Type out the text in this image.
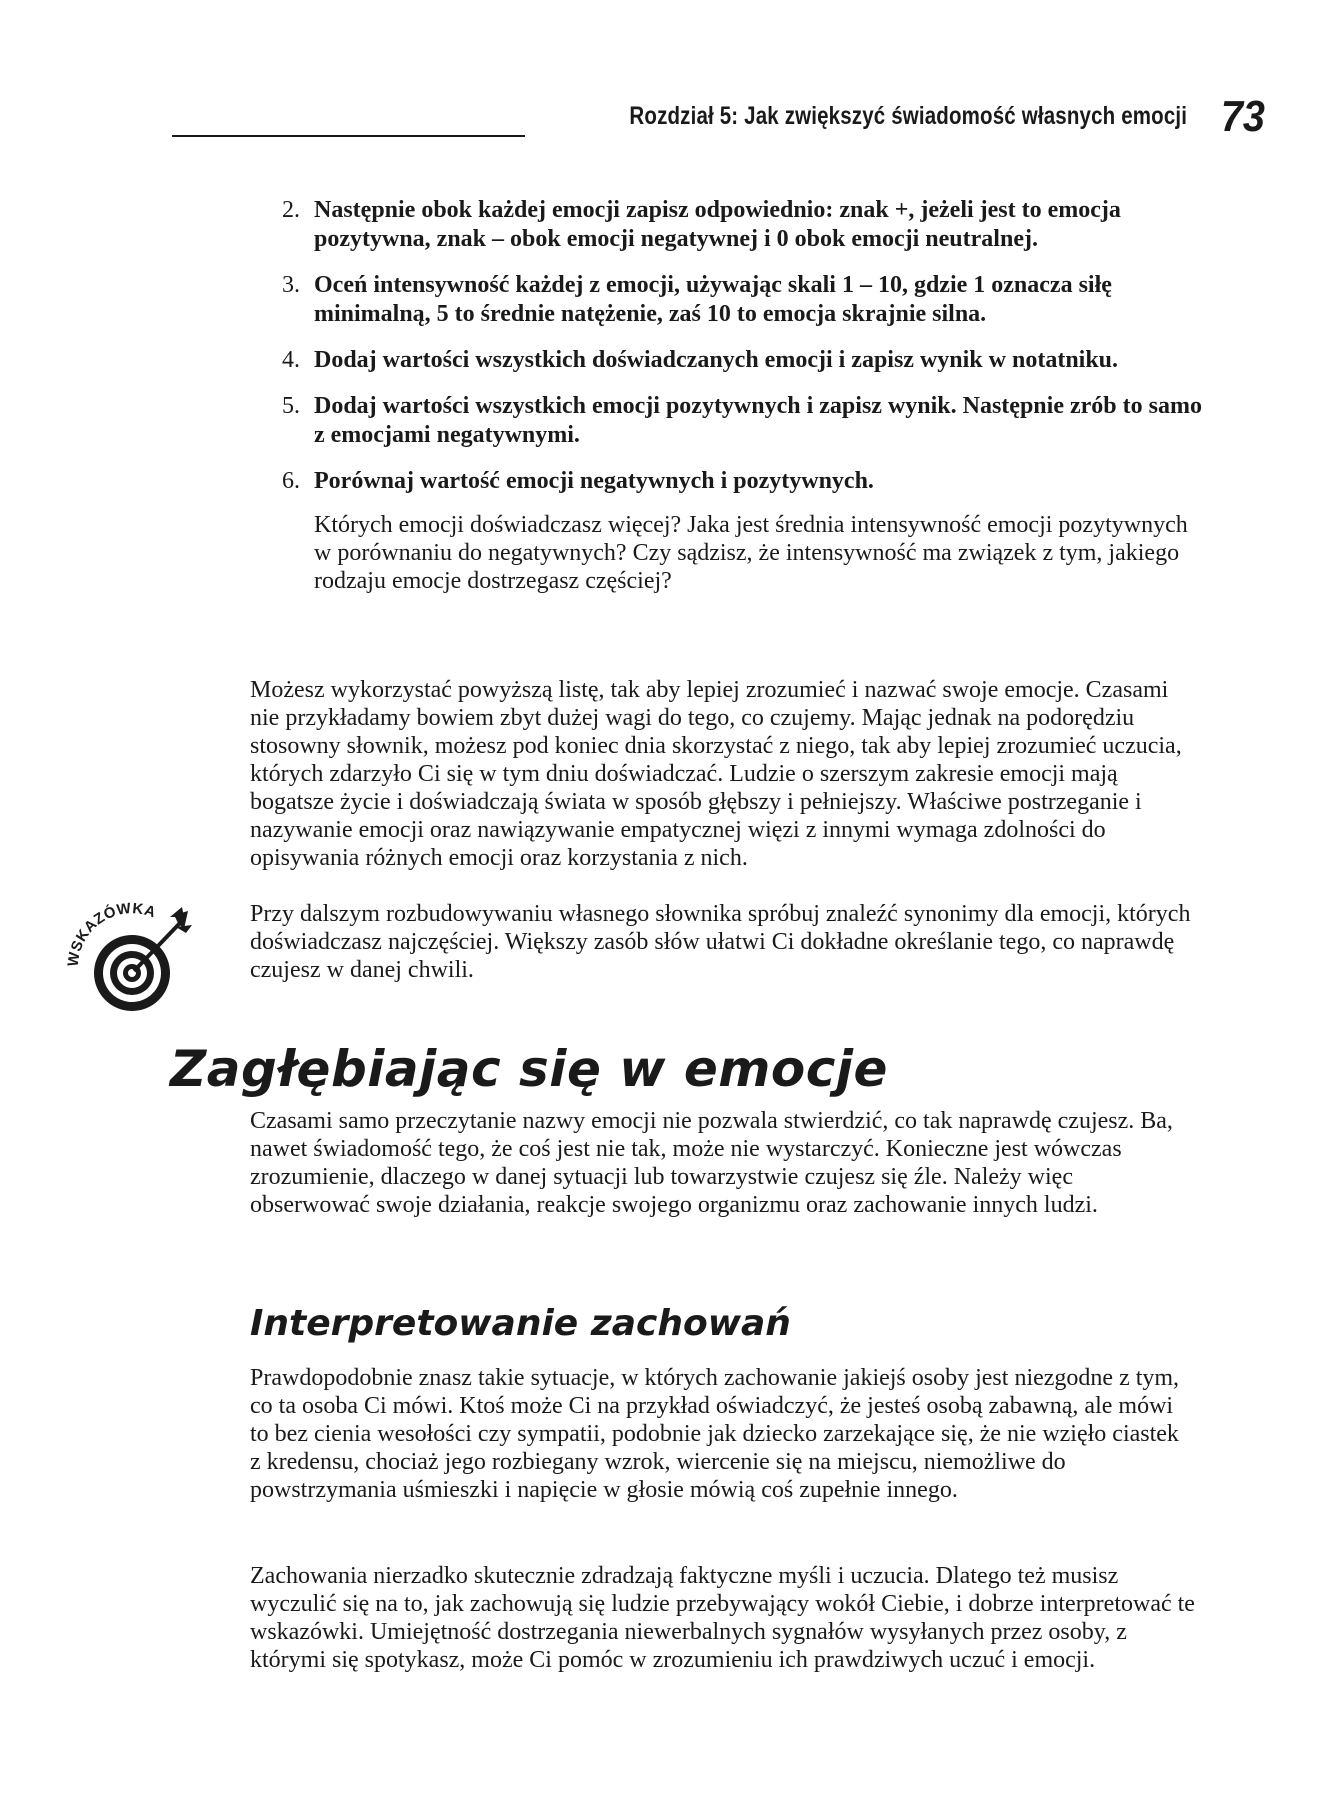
Rozdział 5: Jak zwiększyć świadomość własnych emocji 73
2. Następnie obok każdej emocji zapisz odpowiednio: znak +, jeżeli jest to emocja pozytywna, znak – obok emocji negatywnej i 0 obok emocji neutralnej.
3. Oceń intensywność każdej z emocji, używając skali 1 – 10, gdzie 1 oznacza siłę minimalną, 5 to średnie natężenie, zaś 10 to emocja skrajnie silna.
4. Dodaj wartości wszystkich doświadczanych emocji i zapisz wynik w notatniku.
5. Dodaj wartości wszystkich emocji pozytywnych i zapisz wynik. Następnie zrób to samo z emocjami negatywnymi.
6. Porównaj wartość emocji negatywnych i pozytywnych.

Których emocji doświadczasz więcej? Jaka jest średnia intensywność emocji pozytywnych w porównaniu do negatywnych? Czy sądzisz, że intensywność ma związek z tym, jakiego rodzaju emocje dostrzegasz częściej?

Możesz wykorzystać powyższą listę, tak aby lepiej zrozumieć i nazwać swoje emocje. Czasami nie przykładamy bowiem zbyt dużej wagi do tego, co czujemy. Mając jednak na podorędziu stosowny słownik, możesz pod koniec dnia skorzystać z niego, tak aby lepiej zrozumieć uczucia, których zdarzyło Ci się w tym dniu doświadczać. Ludzie o szerszym zakresie emocji mają bogatsze życie i doświadczają świata w sposób głębszy i pełniejszy. Właściwe postrzeganie i nazywanie emocji oraz nawiązywanie empatycznej więzi z innymi wymaga zdolności do opisywania różnych emocji oraz korzystania z nich.

WSKAZÓWKA	Przy dalszym rozbudowywaniu własnego słownika spróbuj znaleźć synonimy dla emocji, których doświadczasz najczęściej. Większy zasób słów ułatwi Ci dokładne określanie tego, co naprawdę czujesz w danej chwili.

Zagłębiając się w emocje

Czasami samo przeczytanie nazwy emocji nie pozwala stwierdzić, co tak naprawdę czujesz. Ba, nawet świadomość tego, że coś jest nie tak, może nie wystarczyć. Konieczne jest wówczas zrozumienie, dlaczego w danej sytuacji lub towarzystwie czujesz się źle. Należy więc obserwować swoje działania, reakcje swojego organizmu oraz zachowanie innych ludzi.

Interpretowanie zachowań

Prawdopodobnie znasz takie sytuacje, w których zachowanie jakiejś osoby jest niezgodne z tym, co ta osoba Ci mówi. Ktoś może Ci na przykład oświadczyć, że jesteś osobą zabawną, ale mówi to bez cienia wesołości czy sympatii, podobnie jak dziecko zarzekające się, że nie wzięło ciastek z kredensu, chociaż jego rozbiegany wzrok, wiercenie się na miejscu, niemożliwe do powstrzymania uśmieszki i napięcie w głosie mówią coś zupełnie innego.

Zachowania nierzadko skutecznie zdradzają faktyczne myśli i uczucia. Dlatego też musisz wyczulić się na to, jak zachowują się ludzie przebywający wokół Ciebie, i dobrze interpretować te wskazówki. Umiejętność dostrzegania niewerbalnych sygnałów wysyłanych przez osoby, z którymi się spotykasz, może Ci pomóc w zrozumieniu ich prawdziwych uczuć i emocji.
